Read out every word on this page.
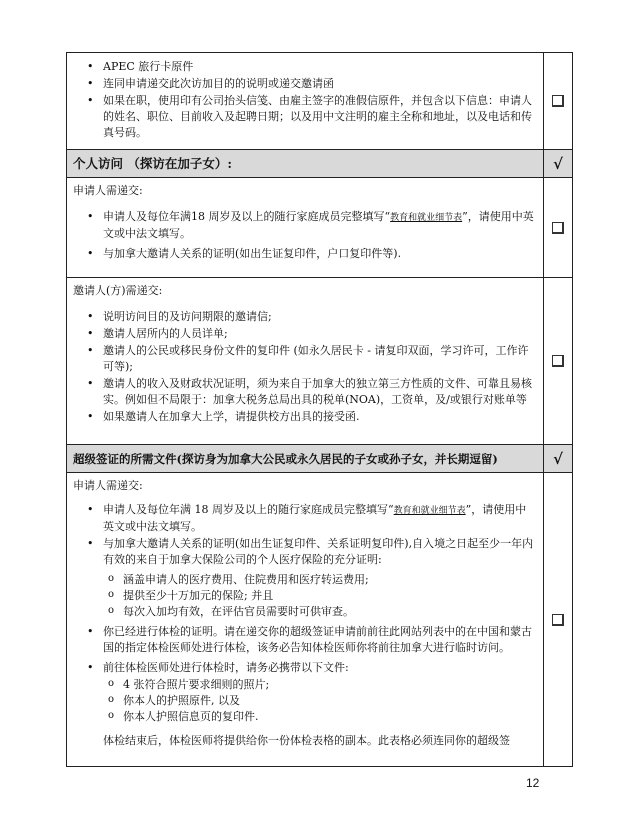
• APEC 旅行卡原件
• 连同申请递交此次访加目的的说明或递交邀请函
• 如果在职，使用印有公司抬头信笺、由雇主签字的准假信原件，并包含以下信息：申请人的姓名、职位、目前收入及起聘日期；以及用中文注明的雇主全称和地址，以及电话和传真号码。
个人访问 （探访在加子女）:	√

申请人需递交:

• 申请人及每位年满18 周岁及以上的随行家庭成员完整填写“教育和就业细节表”，请使用中英文或中法文填写。
• 与加拿大邀请人关系的证明(如出生证复印件，户口复印件等).

邀请人(方)需递交:

• 说明访问目的及访问期限的邀请信;
• 邀请人居所内的人员详单;
• 邀请人的公民或移民身份文件的复印件 (如永久居民卡 - 请复印双面，学习许可，工作许可等);
• 邀请人的收入及财政状况证明，须为来自于加拿大的独立第三方性质的文件、可靠且易核实。例如但不局限于：加拿大税务总局出具的税单(NOA)，工资单，及/或银行对账单等
• 如果邀请人在加拿大上学，请提供校方出具的接受函.
超级签证的所需文件(探访身为加拿大公民或永久居民的子女或孙子女，并长期逗留)	√

申请人需递交:

• 申请人及每位年满 18 周岁及以上的随行家庭成员完整填写“教育和就业细节表”，请使用中英文或中法文填写。
• 与加拿大邀请人关系的证明(如出生证复印件、关系证明复印件),自入境之日起至少一年内有效的来自于加拿大保险公司的个人医疗保险的充分证明:
o 涵盖申请人的医疗费用、住院费用和医疗转运费用;
o 提供至少十万加元的保险; 并且
o 每次入加均有效，在评估官员需要时可供审查。
• 你已经进行体检的证明。请在递交你的超级签证申请前前往此网站列表中的在中国和蒙古国的指定体检医师处进行体检，该务必告知体检医师你将前往加拿大进行临时访问。
• 前往体检医师处进行体检时，请务必携带以下文件:
o 4 张符合照片要求细则的照片;
o 你本人的护照原件, 以及
o 你本人护照信息页的复印件.
体检结束后，体检医师将提供给你一份体检表格的副本。此表格必须连同你的超级签
12
